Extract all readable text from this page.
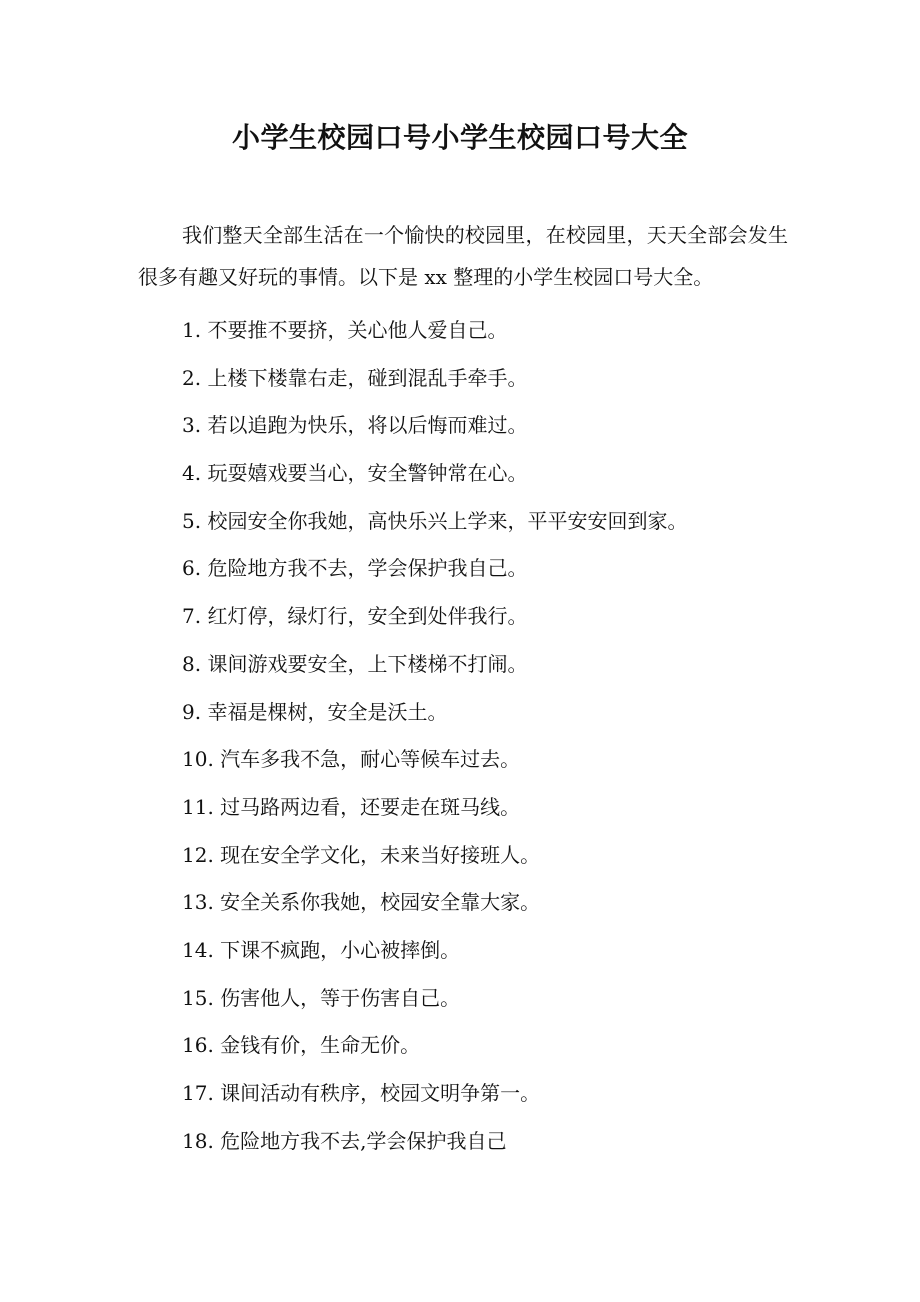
小学生校园口号小学生校园口号大全
我们整天全部生活在一个愉快的校园里，在校园里，天天全部会发生很多有趣又好玩的事情。以下是 xx 整理的小学生校园口号大全。
1. 不要推不要挤，关心他人爱自己。
2. 上楼下楼靠右走，碰到混乱手牵手。
3. 若以追跑为快乐，将以后悔而难过。
4. 玩耍嬉戏要当心，安全警钟常在心。
5. 校园安全你我她，高快乐兴上学来，平平安安回到家。
6. 危险地方我不去，学会保护我自己。
7. 红灯停，绿灯行，安全到处伴我行。
8. 课间游戏要安全，上下楼梯不打闹。
9. 幸福是棵树，安全是沃土。
10. 汽车多我不急，耐心等候车过去。
11. 过马路两边看，还要走在斑马线。
12. 现在安全学文化，未来当好接班人。
13. 安全关系你我她，校园安全靠大家。
14. 下课不疯跑，小心被摔倒。
15. 伤害他人，等于伤害自己。
16. 金钱有价，生命无价。
17. 课间活动有秩序，校园文明争第一。
18. 危险地方我不去,学会保护我自己
